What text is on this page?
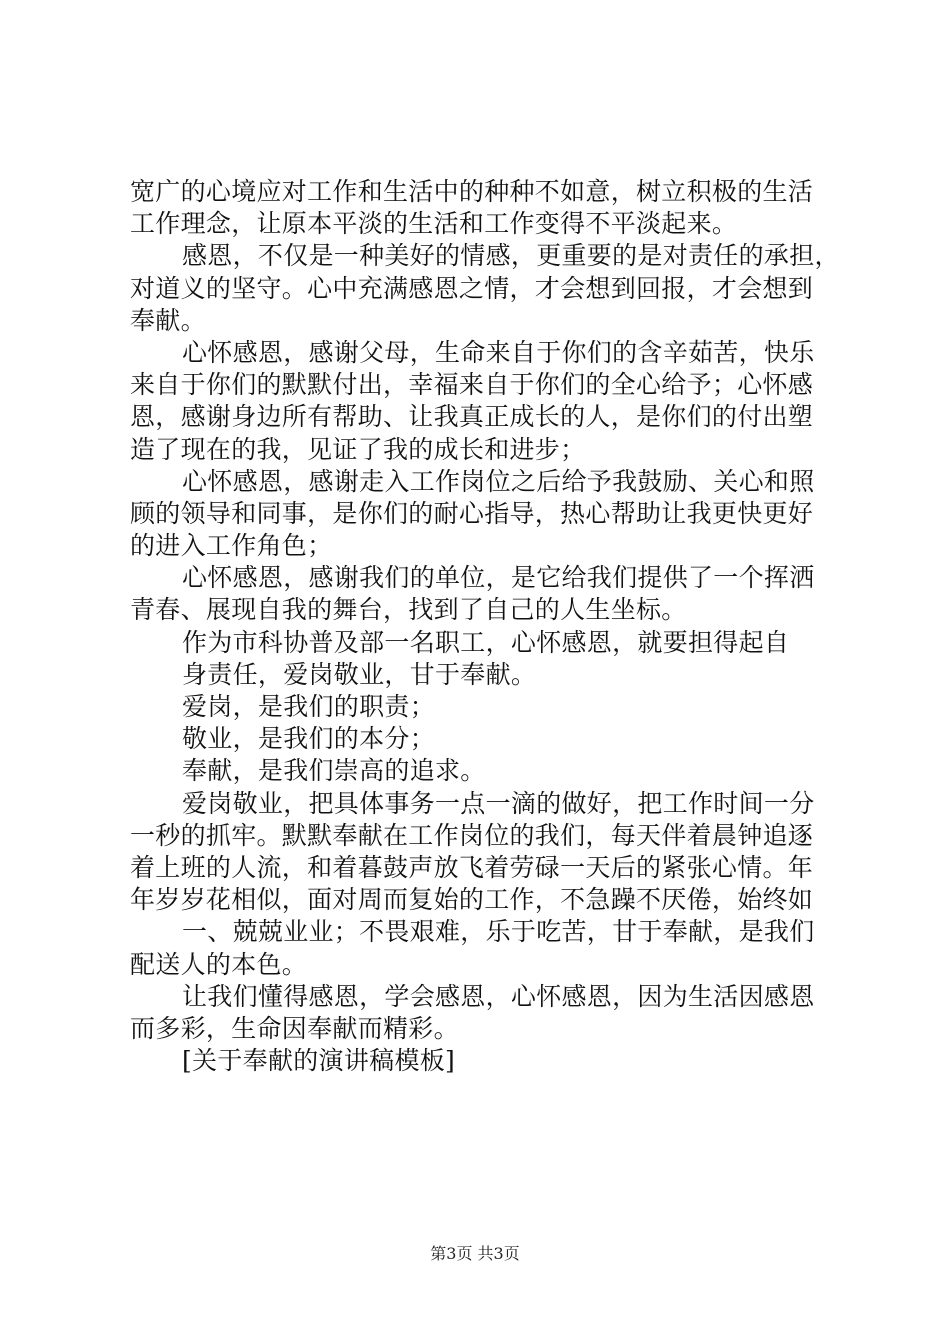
宽广的心境应对工作和生活中的种种不如意，树立积极的生活
工作理念，让原本平淡的生活和工作变得不平淡起来。
感恩，不仅是一种美好的情感，更重要的是对责任的承担，
对道义的坚守。心中充满感恩之情，才会想到回报，才会想到
奉献。
心怀感恩，感谢父母，生命来自于你们的含辛茹苦，快乐
来自于你们的默默付出，幸福来自于你们的全心给予；心怀感
恩，感谢身边所有帮助、让我真正成长的人，是你们的付出塑
造了现在的我，见证了我的成长和进步；
心怀感恩，感谢走入工作岗位之后给予我鼓励、关心和照
顾的领导和同事，是你们的耐心指导，热心帮助让我更快更好
的进入工作角色；
心怀感恩，感谢我们的单位，是它给我们提供了一个挥洒
青春、展现自我的舞台，找到了自己的人生坐标。
作为市科协普及部一名职工，心怀感恩，就要担得起自
身责任，爱岗敬业，甘于奉献。
爱岗，是我们的职责；
敬业，是我们的本分；
奉献，是我们崇高的追求。
爱岗敬业，把具体事务一点一滴的做好，把工作时间一分
一秒的抓牢。默默奉献在工作岗位的我们，每天伴着晨钟追逐
着上班的人流，和着暮鼓声放飞着劳碌一天后的紧张心情。年
年岁岁花相似，面对周而复始的工作，不急躁不厌倦，始终如
一、兢兢业业；不畏艰难，乐于吃苦，甘于奉献，是我们
配送人的本色。
让我们懂得感恩，学会感恩，心怀感恩，因为生活因感恩
而多彩，生命因奉献而精彩。
[关于奉献的演讲稿模板]
第3页 共3页
